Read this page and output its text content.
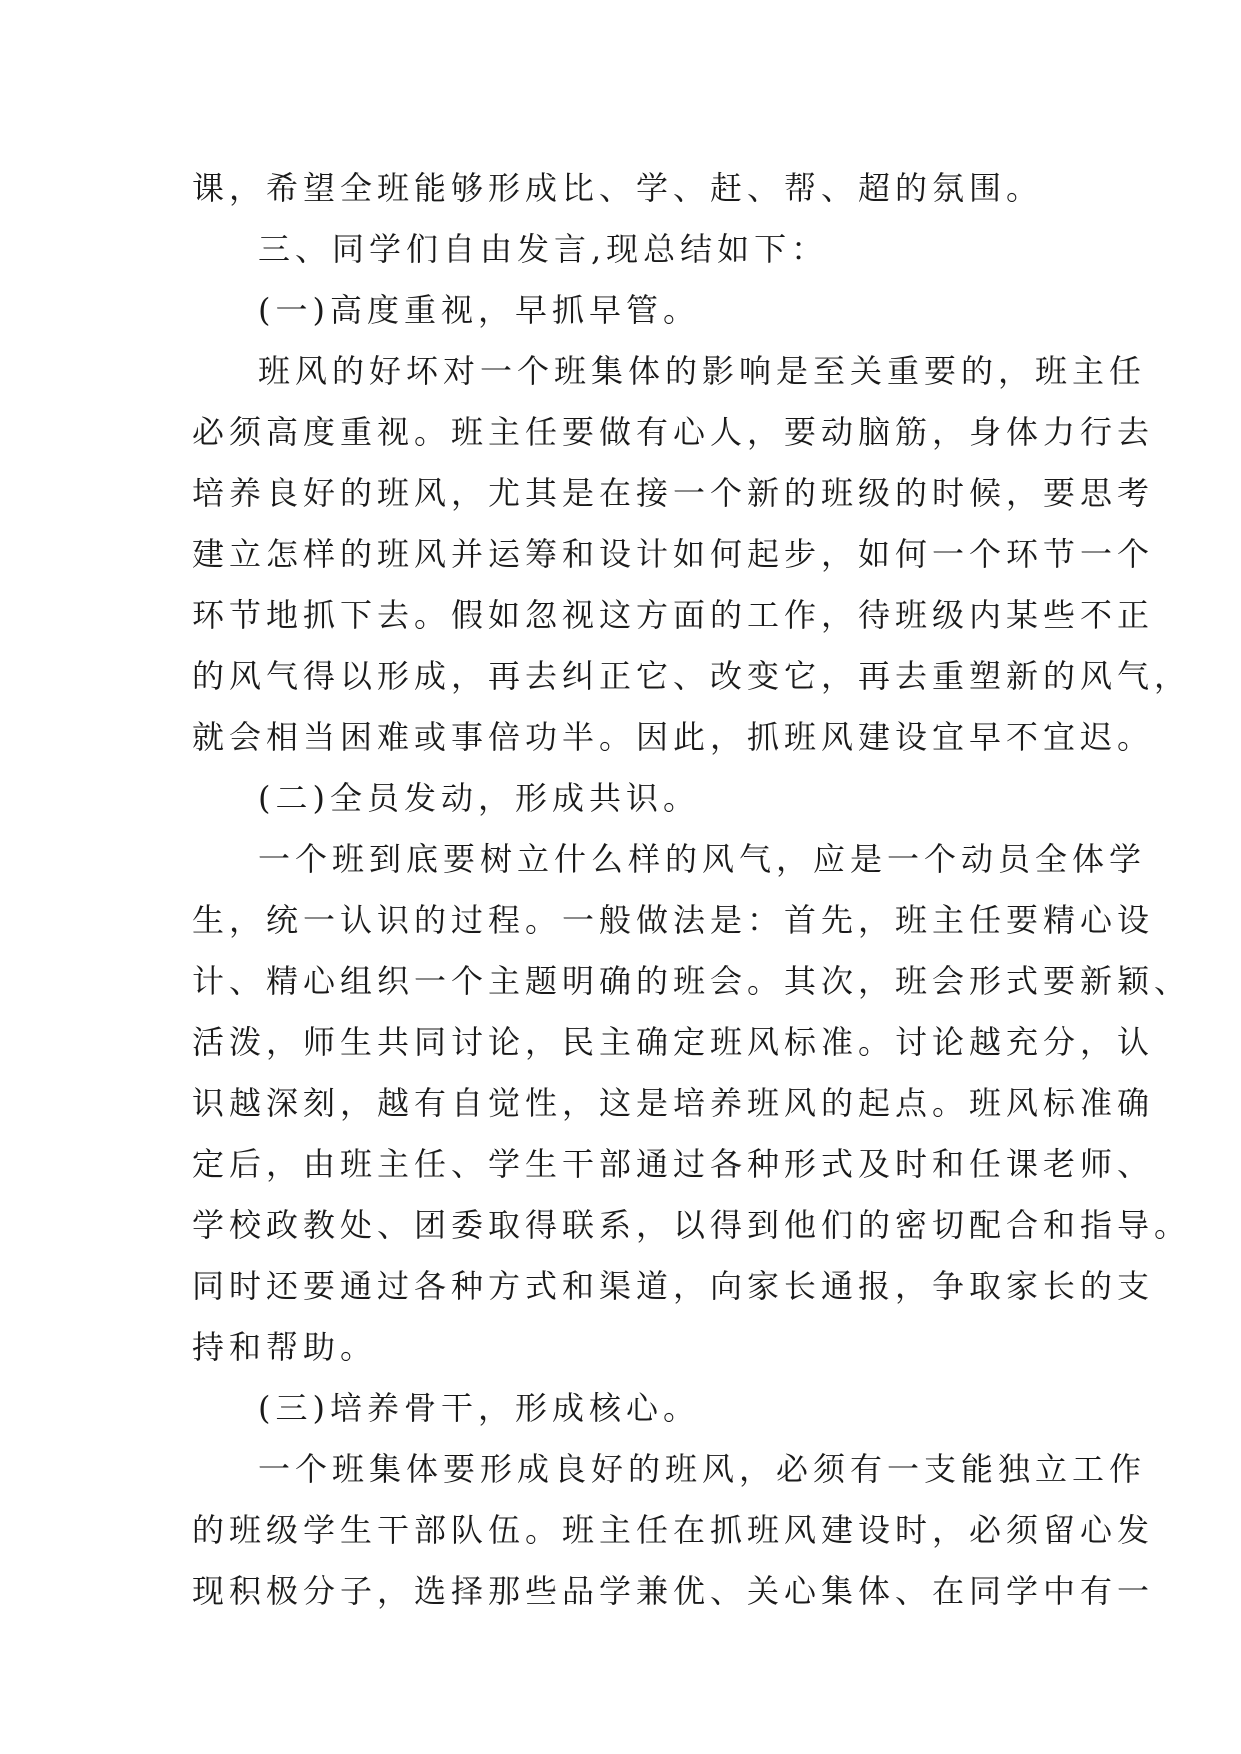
课，希望全班能够形成比、学、赶、帮、超的氛围。
三、同学们自由发言,现总结如下：
(一)高度重视，早抓早管。
班风的好坏对一个班集体的影响是至关重要的，班主任
必须高度重视。班主任要做有心人，要动脑筋，身体力行去
培养良好的班风，尤其是在接一个新的班级的时候，要思考
建立怎样的班风并运筹和设计如何起步，如何一个环节一个
环节地抓下去。假如忽视这方面的工作，待班级内某些不正
的风气得以形成，再去纠正它、改变它，再去重塑新的风气，
就会相当困难或事倍功半。因此，抓班风建设宜早不宜迟。
(二)全员发动，形成共识。
一个班到底要树立什么样的风气，应是一个动员全体学
生，统一认识的过程。一般做法是：首先，班主任要精心设
计、精心组织一个主题明确的班会。其次，班会形式要新颖、
活泼，师生共同讨论，民主确定班风标准。讨论越充分，认
识越深刻，越有自觉性，这是培养班风的起点。班风标准确
定后，由班主任、学生干部通过各种形式及时和任课老师、
学校政教处、团委取得联系，以得到他们的密切配合和指导。
同时还要通过各种方式和渠道，向家长通报，争取家长的支
持和帮助。
(三)培养骨干，形成核心。
一个班集体要形成良好的班风，必须有一支能独立工作
的班级学生干部队伍。班主任在抓班风建设时，必须留心发
现积极分子，选择那些品学兼优、关心集体、在同学中有一
